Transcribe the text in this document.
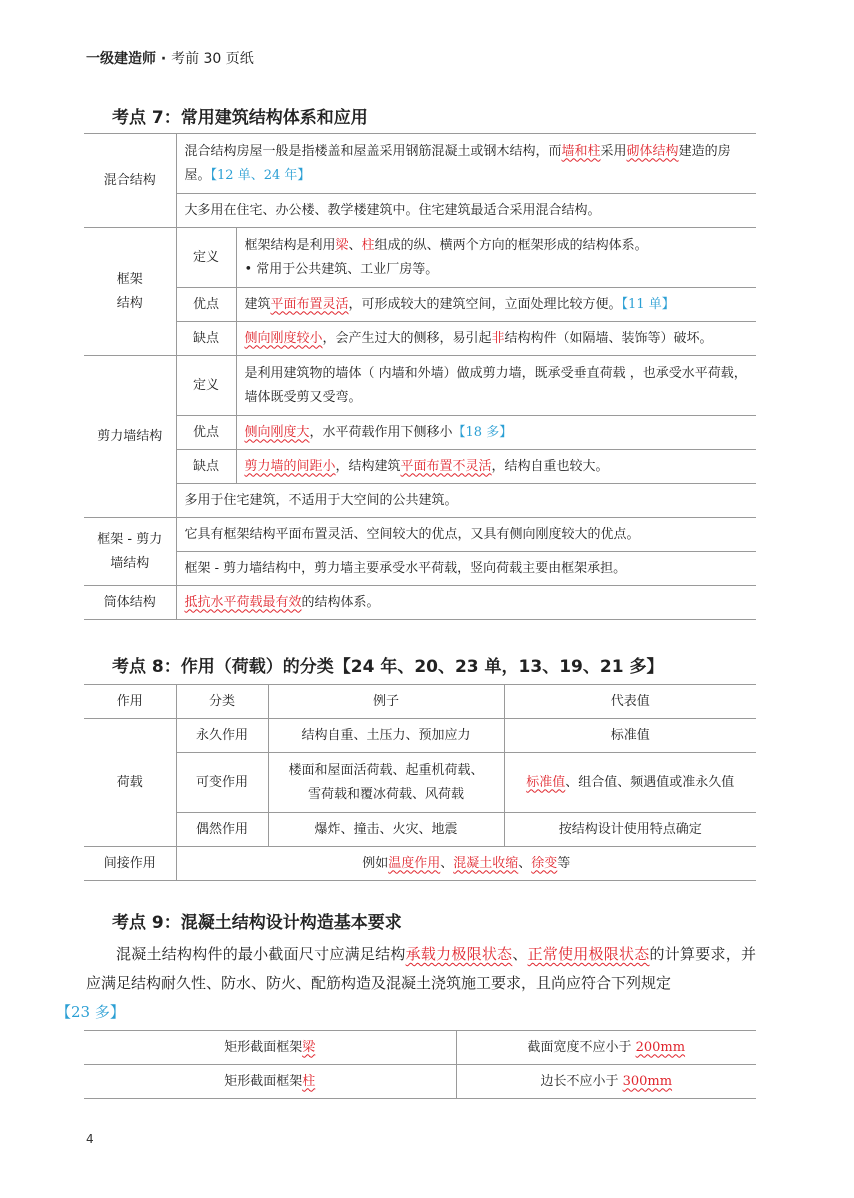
一级建造师 · 考前 30 页纸
考点 7：常用建筑结构体系和应用
混合结构	混合结构房屋一般是指楼盖和屋盖采用钢筋混凝土或钢木结构，而墙和柱采用砌体结构建造的房屋。【12 单、24 年】	
	大多用在住宅、办公楼、教学楼建筑中。住宅建筑最适合采用混合结构。	
框架
结构	定义	框架结构是利用梁、柱组成的纵、横两个方向的框架形成的结构体系。
• 常用于公共建筑、工业厂房等。
	优点	建筑平面布置灵活，可形成较大的建筑空间，立面处理比较方便。【11 单】
	缺点	侧向刚度较小，会产生过大的侧移，易引起非结构构件（如隔墙、装饰等）破坏。
剪力墙结构	定义	是利用建筑物的墙体（ 内墙和外墙）做成剪力墙，既承受垂直荷载 ，也承受水平荷载，墙体既受剪又受弯。
	优点	侧向刚度大，水平荷载作用下侧移小【18 多】
	缺点	剪力墙的间距小，结构建筑平面布置不灵活，结构自重也较大。
	多用于住宅建筑，不适用于大空间的公共建筑。	
框架 - 剪力
墙结构	它具有框架结构平面布置灵活、空间较大的优点，又具有侧向刚度较大的优点。	
	框架 - 剪力墙结构中，剪力墙主要承受水平荷载，竖向荷载主要由框架承担。	
筒体结构	抵抗水平荷载最有效的结构体系。	
考点 8：作用（荷载）的分类【24 年、20、23 单，13、19、21 多】
作用	分类	例子	代表值
荷载	永久作用	结构自重、土压力、预加应力	标准值
	可变作用	楼面和屋面活荷载、起重机荷载、
雪荷载和覆冰荷载、风荷载	标准值、组合值、频遇值或准永久值
	偶然作用	爆炸、撞击、火灾、地震	按结构设计使用特点确定
间接作用	例如温度作用、混凝土收缩、徐变等		
考点 9：混凝土结构设计构造基本要求
混凝土结构构件的最小截面尺寸应满足结构承载力极限状态、正常使用极限状态的计算要求，并应满足结构耐久性、防水、防火、配筋构造及混凝土浇筑施工要求，且尚应符合下列规定
【23 多】
矩形截面框架梁	截面宽度不应小于 200mm
矩形截面框架柱	边长不应小于 300mm
4
